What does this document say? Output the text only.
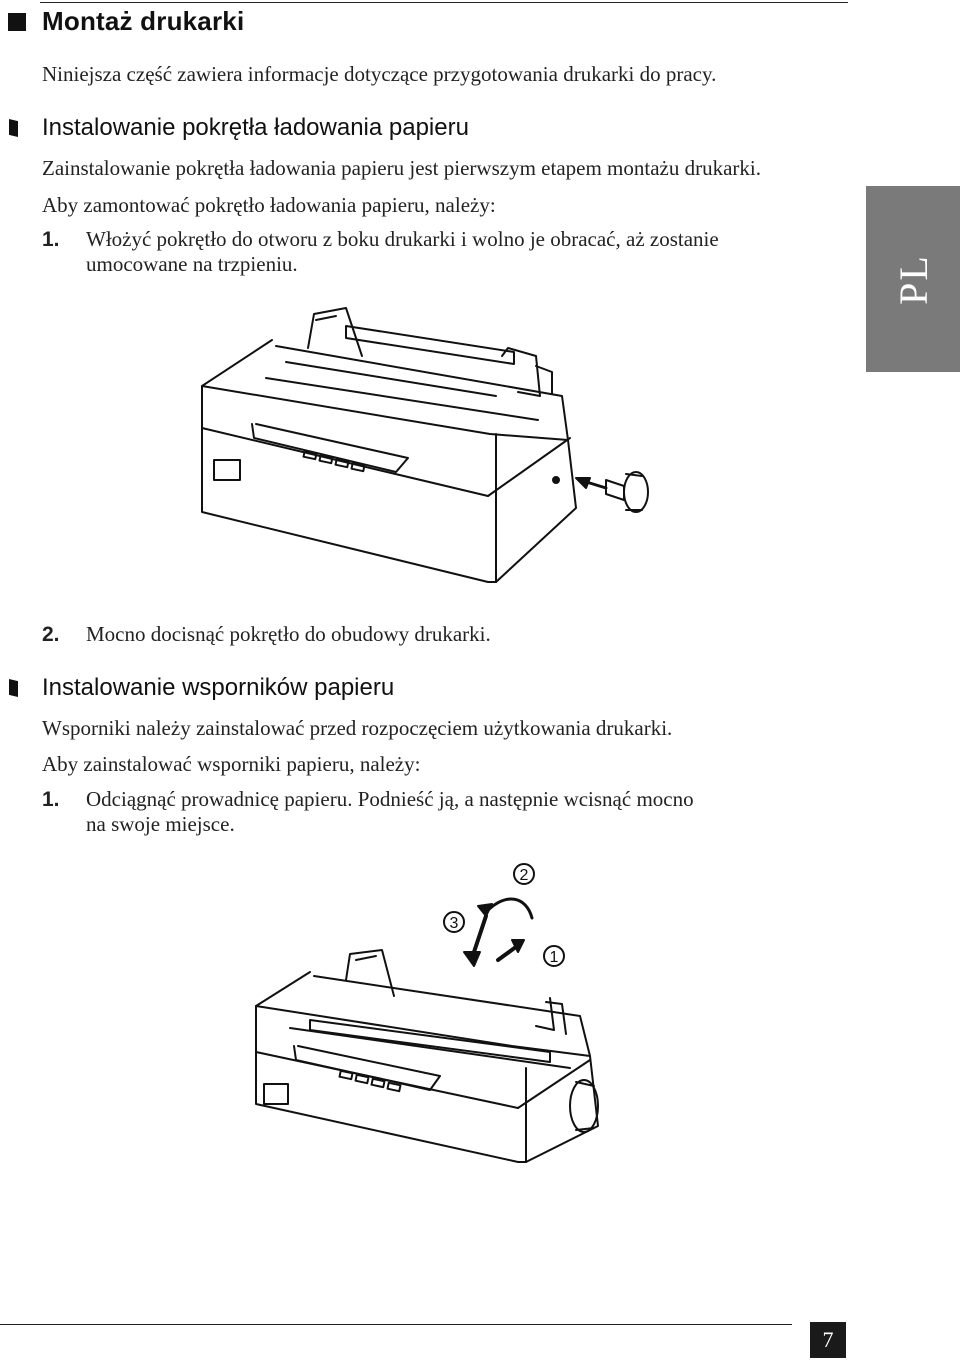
Montaż drukarki
Niniejsza część zawiera informacje dotyczące przygotowania drukarki do pracy.
Instalowanie pokrętła ładowania papieru
Zainstalowanie pokrętła ładowania papieru jest pierwszym etapem montażu drukarki.
Aby zamontować pokrętło ładowania papieru, należy:
1. Włożyć pokrętło do otworu z boku drukarki i wolno je obracać, aż zostanie
umocowane na trzpieniu.	PL
2. Mocno docisnąć pokrętło do obudowy drukarki.
Instalowanie wsporników papieru
Wsporniki należy zainstalować przed rozpoczęciem użytkowania drukarki.
Aby zainstalować wsporniki papieru, należy:
1. Odciągnąć prowadnicę papieru. Podnieść ją, a następnie wcisnąć mocno
na swoje miejsce.
3
2
1
7
